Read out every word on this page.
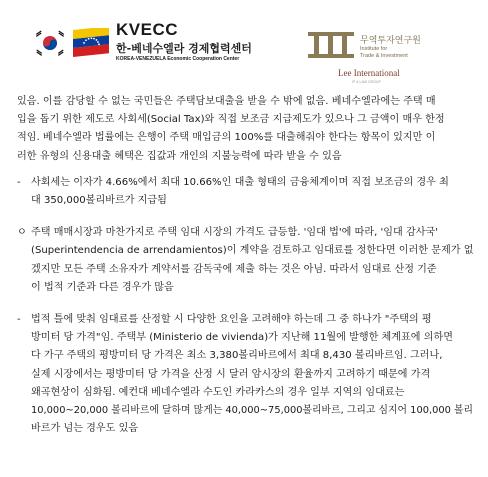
KVECC
한-베네수엘라 경제협력센터
KOREA-VENEZUELA Economic Cooperation Center
무역투자연구원
Institute for
Trade & Investment
Lee International
IP & LAW GROUP
있음. 이를 감당할 수 없는 국민들은 주택담보대출을 받을 수 밖에 없음. 베네수엘라에는 주택 매
입을 돕기 위한 제도로 사회세(Social Tax)와 직접 보조금 지급제도가 있으나 그 금액이 매우 한정
적임. 베네수엘라 법률에는 은행이 주택 매입금의 100%를 대출해줘야 한다는 항목이 있지만 이
러한 유형의 신용대출 혜택은 집값과 개인의 지불능력에 따라 받을 수 있음
- 사회세는 이자가 4.66%에서 최대 10.66%인 대출 형태의 금융체계이며 직접 보조금의 경우 최
대 350,000볼리바르가 지급됨
ㅇ 주택 매매시장과 마찬가지로 주택 임대 시장의 가격도 급등함. '임대 법'에 따라, '임대 감사국'
(Superintendencia de arrendamientos)이 계약을 검토하고 임대료를 정한다면 이러한 문제가 없
겠지만 모든 주택 소유자가 계약서를 감독국에 제출 하는 것은 아님. 따라서 임대료 산정 기준
이 법적 기준과 다른 경우가 많음
- 법적 틀에 맞춰 임대료를 산정할 시 다양한 요인을 고려해야 하는데 그 중 하나가 "주택의 평
방미터 당 가격"임. 주택부 (Ministerio de vivienda)가 지난해 11월에 발행한 체계표에 의하면
다 가구 주택의 평방미터 당 가격은 최소 3,380볼리바르에서 최대 8,430 볼리바르임. 그러나,
실제 시장에서는 평방미터 당 가격을 산정 시 달러 암시장의 환율까지 고려하기 때문에 가격
왜곡현상이 심화됨. 예컨대 베네수엘라 수도인 카라카스의 경우 일부 지역의 임대료는
10,000~20,000 볼리바르에 달하며 많게는 40,000~75,000볼리바르, 그리고 심지어 100,000 볼리
바르가 넘는 경우도 있음
